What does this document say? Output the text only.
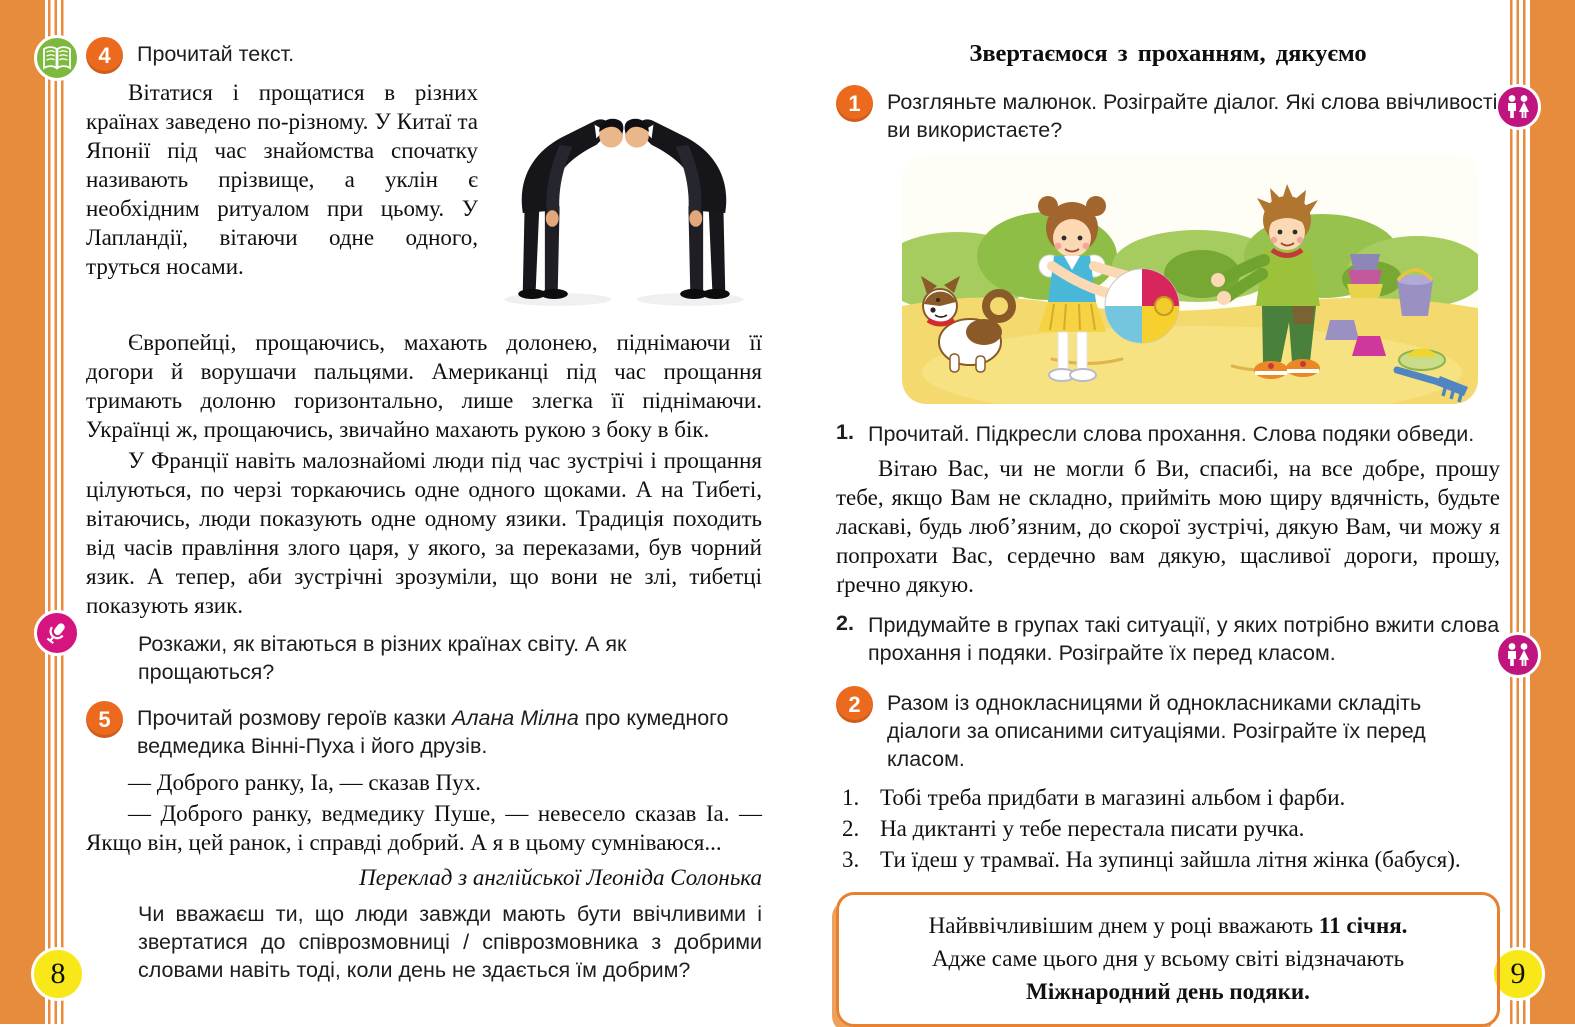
8	9
4	Прочитай текст.

Вітатися і прощатися в різних країнах заведено по-різному. У Китаї та Японії під час знайомства спочатку називають прізвище, а уклін є необхідним ритуалом при цьому. У Лапландії, вітаючи одне одного, труться носами.

Європейці, прощаючись, махають долонею, піднімаючи її догори й ворушачи пальцями. Американці під час прощання тримають долоню горизонтально, лише злегка її піднімаючи. Українці ж, прощаючись, звичайно махають рукою з боку в бік.

У Франції навіть малознайомі люди під час зустрічі і прощання цілуються, по черзі торкаючись одне одного щоками. А на Тибеті, вітаючись, люди показують одне одному язики. Традиція походить від часів правління злого царя, у якого, за переказами, був чорний язик. А тепер, аби зустрічні зрозуміли, що вони не злі, тибетці показують язик.

Розкажи, як вітаються в різних країнах світу. А як прощаються?

5	Прочитай розмову героїв казки Алана Мілна про кумедного ведмедика Вінні-Пуха і його друзів.

— Доброго ранку, Іа, — сказав Пух.

— Доброго ранку, ведмедику Пуше, — невесело сказав Іа. — Якщо він, цей ранок, і справді добрий. А я в цьому сумніваюся...

Переклад з англійської Леоніда Солонька

Чи вважаєш ти, що люди завжди мають бути ввічливими і звертатися до співрозмовниці / співрозмовника з добрими словами навіть тоді, коли день не здається їм добрим?

Звертаємося з проханням, дякуємо
1	Розгляньте малюнок. Розіграйте діалог. Які слова ввічливості ви використаєте?

1. Прочитай. Підкресли слова прохання. Слова подяки обведи.

Вітаю Вас, чи не могли б Ви, спасибі, на все добре, прошу тебе, якщо Вам не складно, прийміть мою щиру вдячність, будьте ласкаві, будь люб’язним, до скорої зустрічі, дякую Вам, чи можу я попрохати Вас, сердечно вам дякую, щасливої дороги, прошу, ґречно дякую.

2. Придумайте в групах такі ситуації, у яких потрібно вжити слова прохання і подяки. Розіграйте їх перед класом.

2	Разом із однокласницями й однокласниками складіть діалоги за описаними ситуаціями. Розіграйте їх перед класом.

1. Тобі треба придбати в магазині альбом і фарби.

2. На диктанті у тебе перестала писати ручка.

3. Ти їдеш у трамваї. На зупинці зайшла літня жінка (бабуся).

Найввічливішим днем у році вважають 11 січня.
Адже саме цього дня у всьому світі відзначають
Міжнародний день подяки.
